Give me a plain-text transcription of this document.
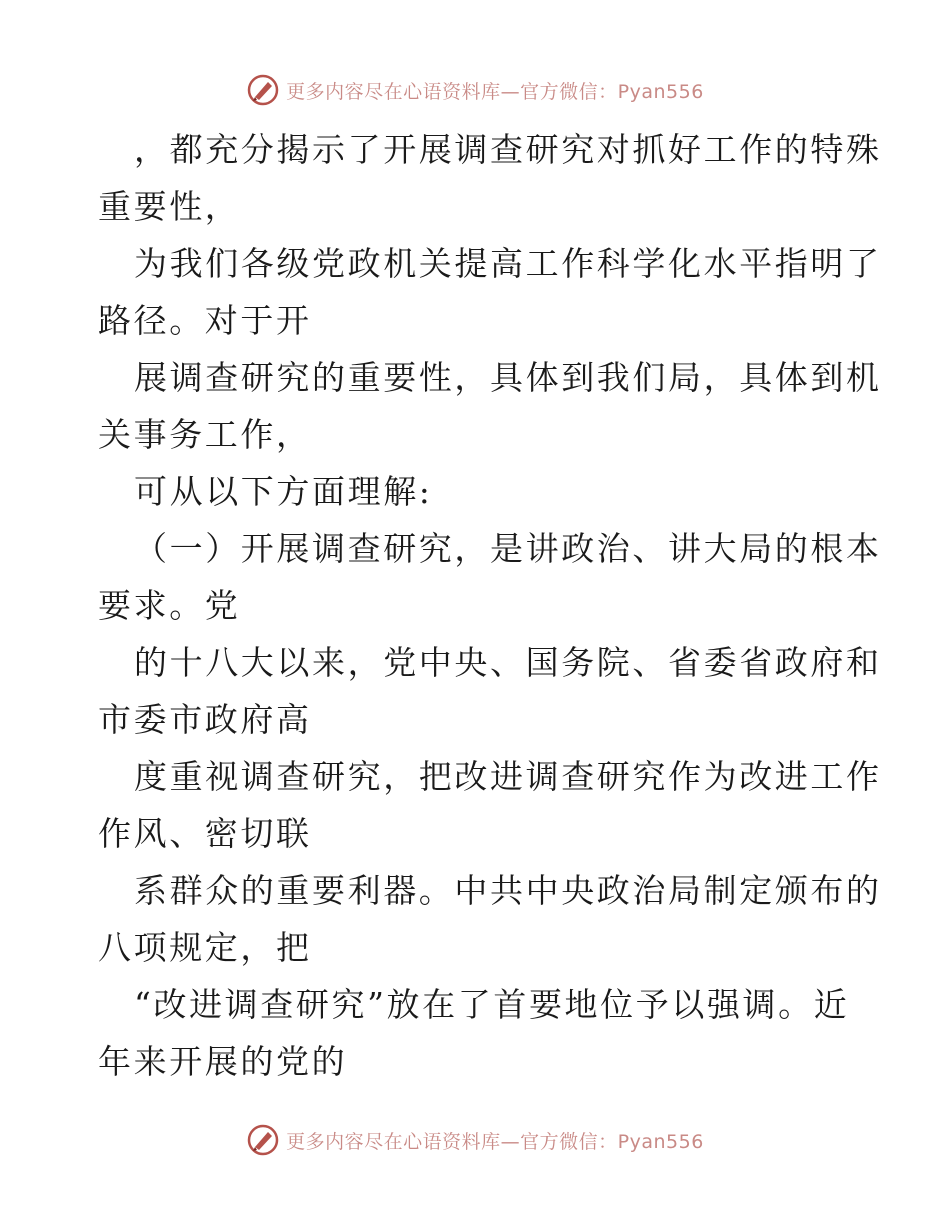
更多内容尽在心语资料库—官方微信：Pyan556

，都充分揭示了开展调查研究对抓好工作的特殊
重要性，
为我们各级党政机关提高工作科学化水平指明了
路径。对于开
展调查研究的重要性，具体到我们局，具体到机
关事务工作，
可从以下方面理解:
（一）开展调查研究，是讲政治、讲大局的根本
要求。党
的十八大以来，党中央、国务院、省委省政府和
市委市政府高
度重视调查研究，把改进调查研究作为改进工作
作风、密切联
系群众的重要利器。中共中央政治局制定颁布的
八项规定，把
“改进调查研究”放在了首要地位予以强调。近
年来开展的党的

更多内容尽在心语资料库—官方微信：Pyan556
